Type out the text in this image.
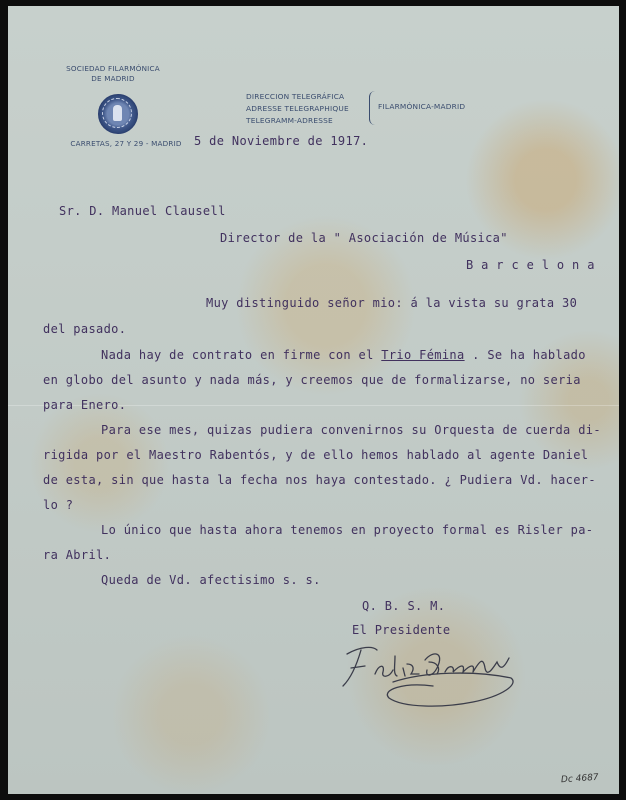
SOCIEDAD FILARMÓNICA
DE MADRID
CARRETAS, 27 Y 29 - MADRID
DIRECCION TELEGRÁFICA
ADRESSE TELEGRAPHIQUE
TELEGRAMM-ADRESSE
FILARMÓNICA-MADRID
5 de Noviembre de 1917.
Sr. D. Manuel Clausell
Director de la " Asociación de Música"
B a r c e l o n a
Muy distinguido señor mio: á la vista su grata 30
del pasado.
Nada hay de contrato en firme con el Trio Fémina . Se ha hablado
en globo del asunto y nada más, y creemos que de formalizarse, no seria
para Enero.
Para ese mes, quizas pudiera convenirnos su Orquesta de cuerda di-
rigida por el Maestro Rabentós, y de ello hemos hablado al agente Daniel
de esta, sin que hasta la fecha nos haya contestado. ¿ Pudiera Vd. hacer-
lo ?
Lo único que hasta ahora tenemos en proyecto formal es Risler pa-
ra Abril.
Queda de Vd. afectisimo s. s.
Q. B. S. M.
El Presidente
Dc 4687
